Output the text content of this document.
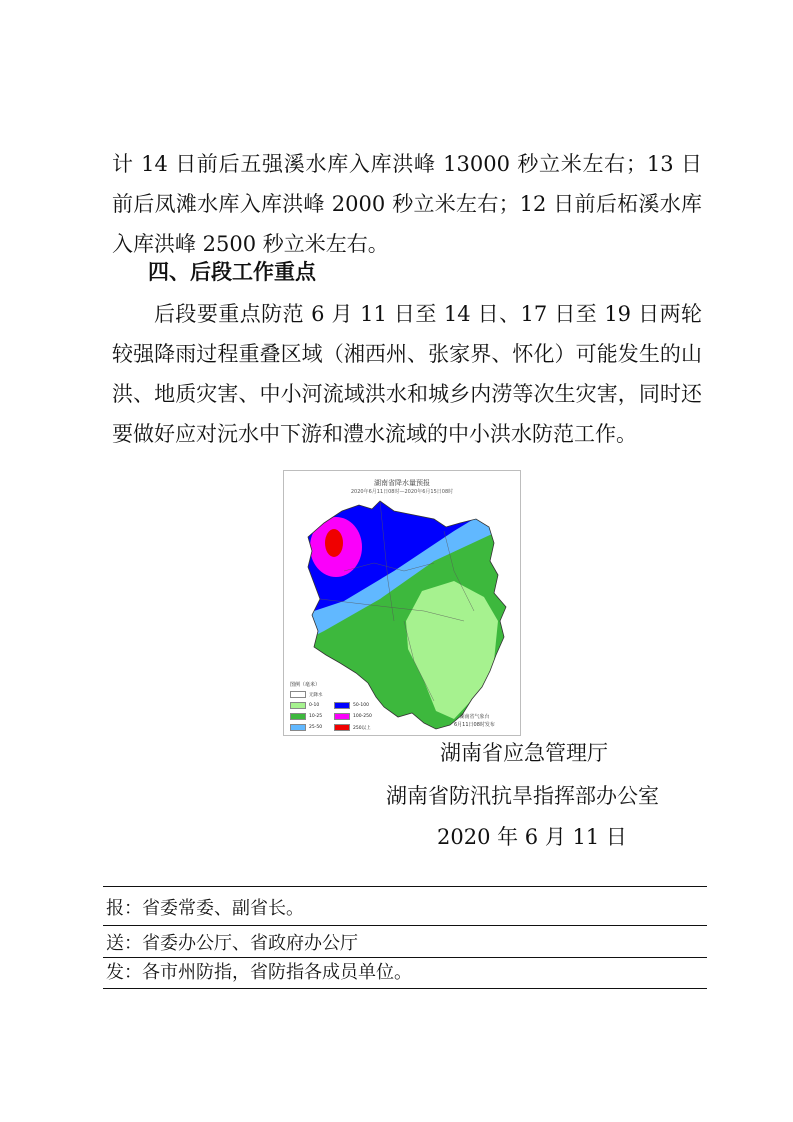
计 14 日前后五强溪水库入库洪峰 13000 秒立米左右；13 日前后凤滩水库入库洪峰 2000 秒立米左右；12 日前后柘溪水库入库洪峰 2500 秒立米左右。

四、后段工作重点

后段要重点防范 6 月 11 日至 14 日、17 日至 19 日两轮较强降雨过程重叠区域（湘西州、张家界、怀化）可能发生的山洪、地质灾害、中小河流域洪水和城乡内涝等次生灾害，同时还要做好应对沅水中下游和澧水流域的中小洪水防范工作。

湖南省降水量预报
2020年6月11日08时—2020年6月15日08时
图例（毫米）
无降水
0-10
10-25
25-50
50-100
100-250
250以上
湖南省气象台
6月11日08时发布

湖南省应急管理厅

湖南省防汛抗旱指挥部办公室

2020 年 6 月 11 日

报：省委常委、副省长。
送：省委办公厅、省政府办公厅
发：各市州防指，省防指各成员单位。
